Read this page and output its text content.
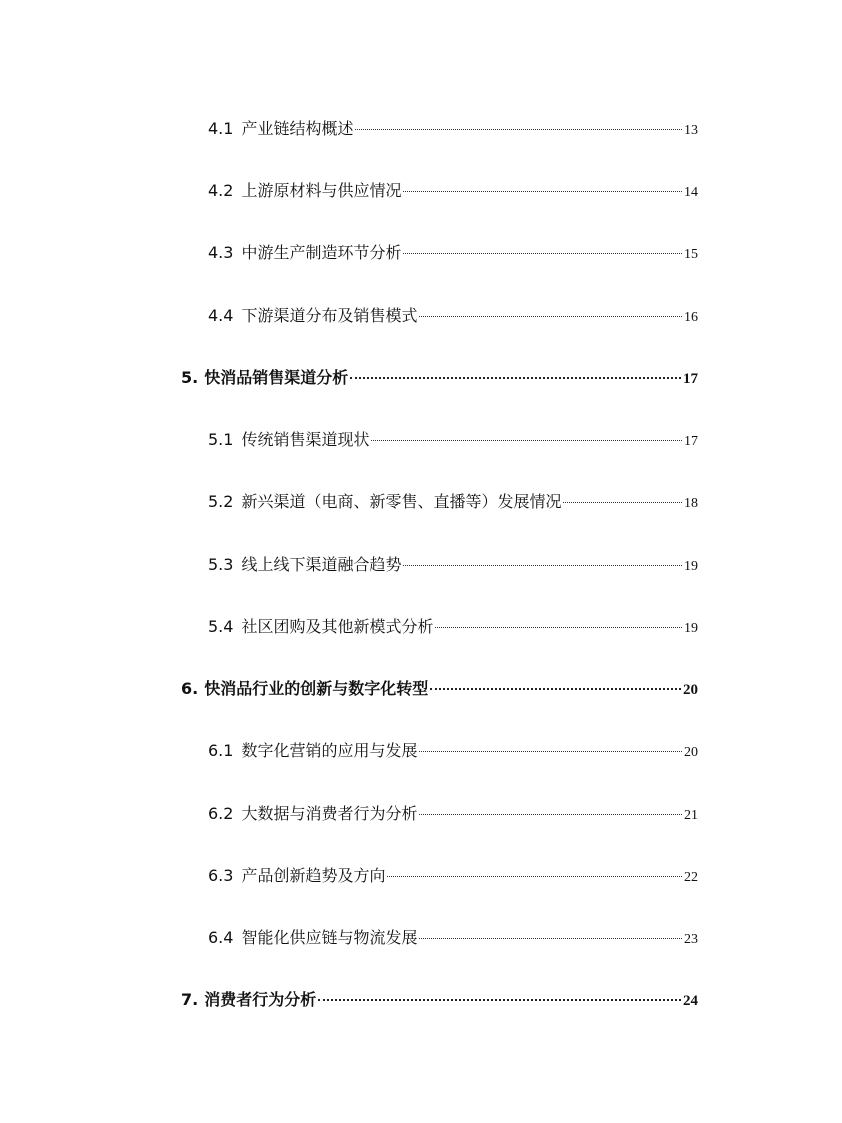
4.1 产业链结构概述	13
4.2 上游原材料与供应情况	14
4.3 中游生产制造环节分析	15
4.4 下游渠道分布及销售模式	16
5. 快消品销售渠道分析	17
5.1 传统销售渠道现状	17
5.2 新兴渠道（电商、新零售、直播等）发展情况	18
5.3 线上线下渠道融合趋势	19
5.4 社区团购及其他新模式分析	19
6. 快消品行业的创新与数字化转型	20
6.1 数字化营销的应用与发展	20
6.2 大数据与消费者行为分析	21
6.3 产品创新趋势及方向	22
6.4 智能化供应链与物流发展	23
7. 消费者行为分析	24
